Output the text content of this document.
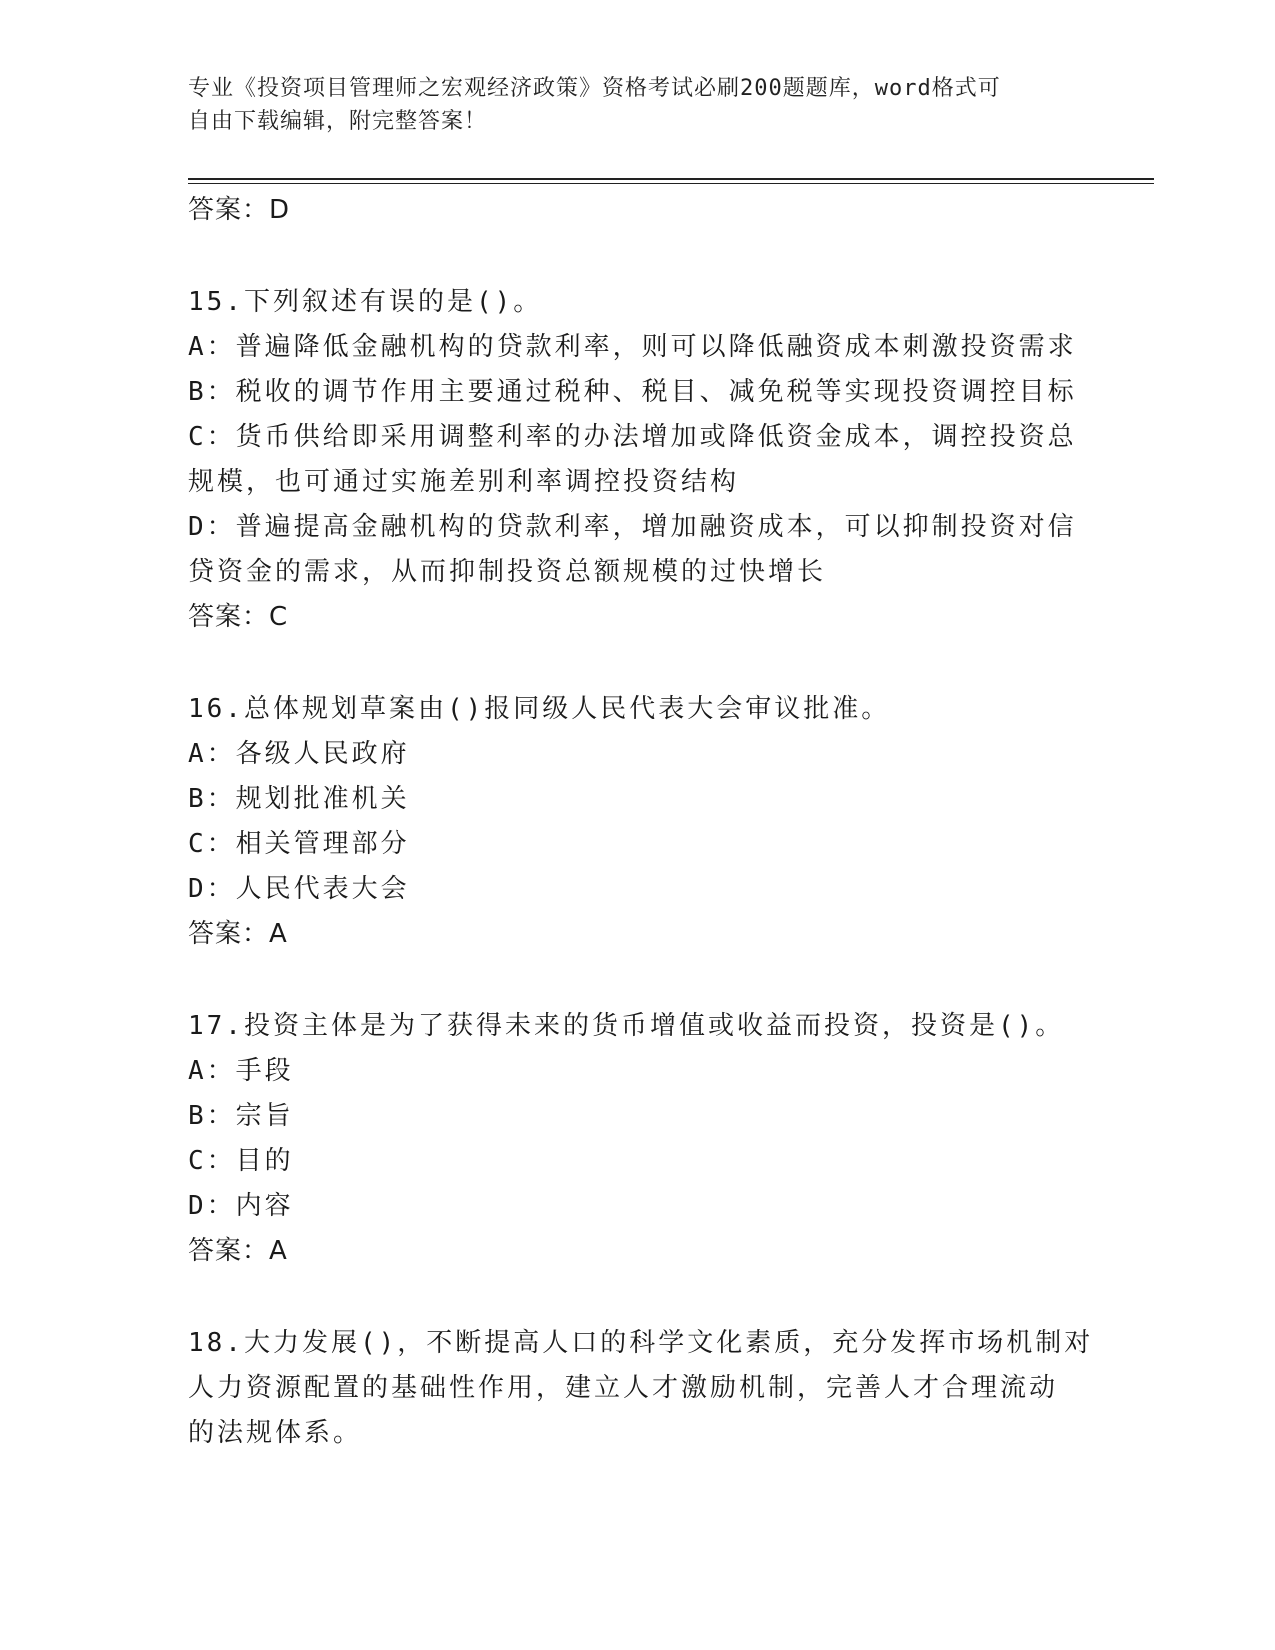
专业《投资项目管理师之宏观经济政策》资格考试必刷200题题库，word格式可
自由下载编辑，附完整答案！
答案：D
15.下列叙述有误的是()。
A：普遍降低金融机构的贷款利率，则可以降低融资成本刺激投资需求
B：税收的调节作用主要通过税种、税目、减免税等实现投资调控目标
C：货币供给即采用调整利率的办法增加或降低资金成本，调控投资总
规模，也可通过实施差别利率调控投资结构
D：普遍提高金融机构的贷款利率，增加融资成本，可以抑制投资对信
贷资金的需求，从而抑制投资总额规模的过快增长
答案：C
16.总体规划草案由()报同级人民代表大会审议批准。
A：各级人民政府
B：规划批准机关
C：相关管理部分
D：人民代表大会
答案：A
17.投资主体是为了获得未来的货币增值或收益而投资，投资是()。
A：手段
B：宗旨
C：目的
D：内容
答案：A
18.大力发展()，不断提高人口的科学文化素质，充分发挥市场机制对
人力资源配置的基础性作用，建立人才激励机制，完善人才合理流动
的法规体系。
